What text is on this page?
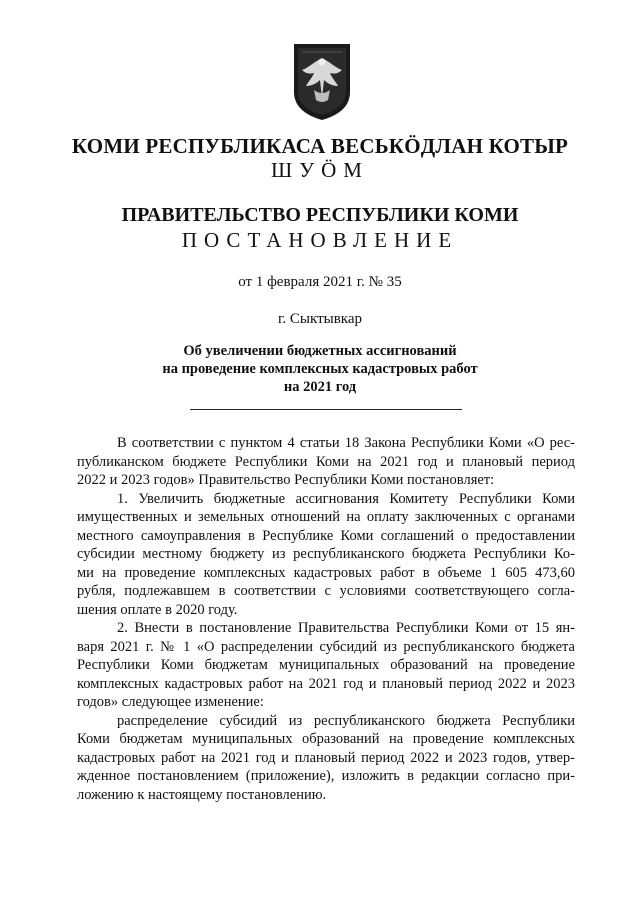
КОМИ РЕСПУБЛИКАСА ВЕСЬКӦДЛАН КОТЫР
ШУӦМ
ПРАВИТЕЛЬСТВО РЕСПУБЛИКИ КОМИ
ПОСТАНОВЛЕНИЕ
от 1 февраля 2021 г. № 35
г. Сыктывкар
Об увеличении бюджетных ассигнований
на проведение комплексных кадастровых работ
на 2021 год
В соответствии с пунктом 4 статьи 18 Закона Республики Коми «О рес-
публиканском бюджете Республики Коми на 2021 год и плановый период
2022 и 2023 годов» Правительство Республики Коми постановляет:
1. Увеличить бюджетные ассигнования Комитету Республики Коми
имущественных и земельных отношений на оплату заключенных с органами
местного самоуправления в Республике Коми соглашений о предоставлении
субсидии местному бюджету из республиканского бюджета Республики Ко-
ми на проведение комплексных кадастровых работ в объеме 1 605 473,60
рубля, подлежавшем в соответствии с условиями соответствующего согла-
шения оплате в 2020 году.
2. Внести в постановление Правительства Республики Коми от 15 ян-
варя 2021 г. № 1 «О распределении субсидий из республиканского бюджета
Республики Коми бюджетам муниципальных образований на проведение
комплексных кадастровых работ на 2021 год и плановый период 2022 и 2023
годов» следующее изменение:
распределение субсидий из республиканского бюджета Республики
Коми бюджетам муниципальных образований на проведение комплексных
кадастровых работ на 2021 год и плановый период 2022 и 2023 годов, утвер-
жденное постановлением (приложение), изложить в редакции согласно при-
ложению к настоящему постановлению.
